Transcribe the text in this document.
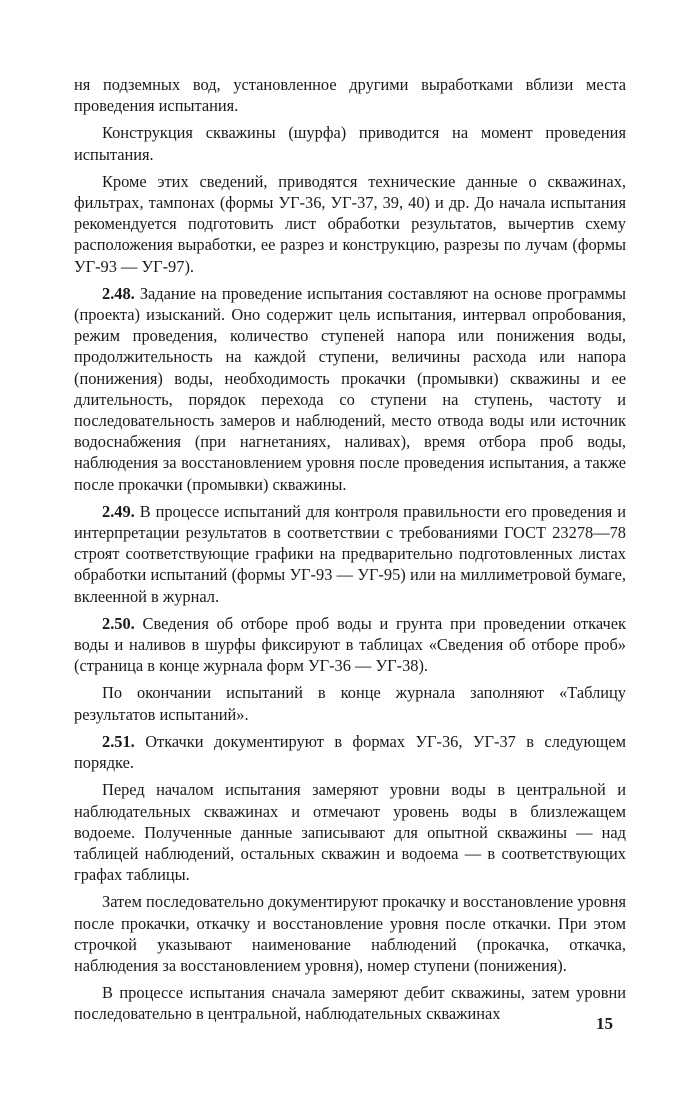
ня подземных вод, установленное другими выработками вблизи места проведения испытания.

Конструкция скважины (шурфа) приводится на момент проведения испытания.

Кроме этих сведений, приводятся технические данные о скважинах, фильтрах, тампонах (формы УГ-36, УГ-37, 39, 40) и др. До начала испытания рекомендуется подготовить лист обработки результатов, вычертив схему расположения выработки, ее разрез и конструкцию, разрезы по лучам (формы УГ-93 — УГ-97).

2.48. Задание на проведение испытания составляют на основе программы (проекта) изысканий. Оно содержит цель испытания, интервал опробования, режим проведения, количество ступеней напора или понижения воды, продолжительность на каждой ступени, величины расхода или напора (понижения) воды, необходимость прокачки (промывки) скважины и ее длительность, порядок перехода со ступени на ступень, частоту и последовательность замеров и наблюдений, место отвода воды или источник водоснабжения (при нагнетаниях, наливах), время отбора проб воды, наблюдения за восстановлением уровня после проведения испытания, а также после прокачки (промывки) скважины.

2.49. В процессе испытаний для контроля правильности его проведения и интерпретации результатов в соответствии с требованиями ГОСТ 23278—78 строят соответствующие графики на предварительно подготовленных листах обработки испытаний (формы УГ-93 — УГ-95) или на миллиметровой бумаге, вклеенной в журнал.

2.50. Сведения об отборе проб воды и грунта при проведении откачек воды и наливов в шурфы фиксируют в таблицах «Сведения об отборе проб» (страница в конце журнала форм УГ-36 — УГ-38).

По окончании испытаний в конце журнала заполняют «Таблицу результатов испытаний».

2.51. Откачки документируют в формах УГ-36, УГ-37 в следующем порядке.

Перед началом испытания замеряют уровни воды в центральной и наблюдательных скважинах и отмечают уровень воды в близлежащем водоеме. Полученные данные записывают для опытной скважины — над таблицей наблюдений, остальных скважин и водоема — в соответствующих графах таблицы.

Затем последовательно документируют прокачку и восстановление уровня после прокачки, откачку и восстановление уровня после откачки. При этом строчкой указывают наименование наблюдений (прокачка, откачка, наблюдения за восстановлением уровня), номер ступени (понижения).

В процессе испытания сначала замеряют дебит скважины, затем уровни последовательно в центральной, наблюдательных скважинах

15
